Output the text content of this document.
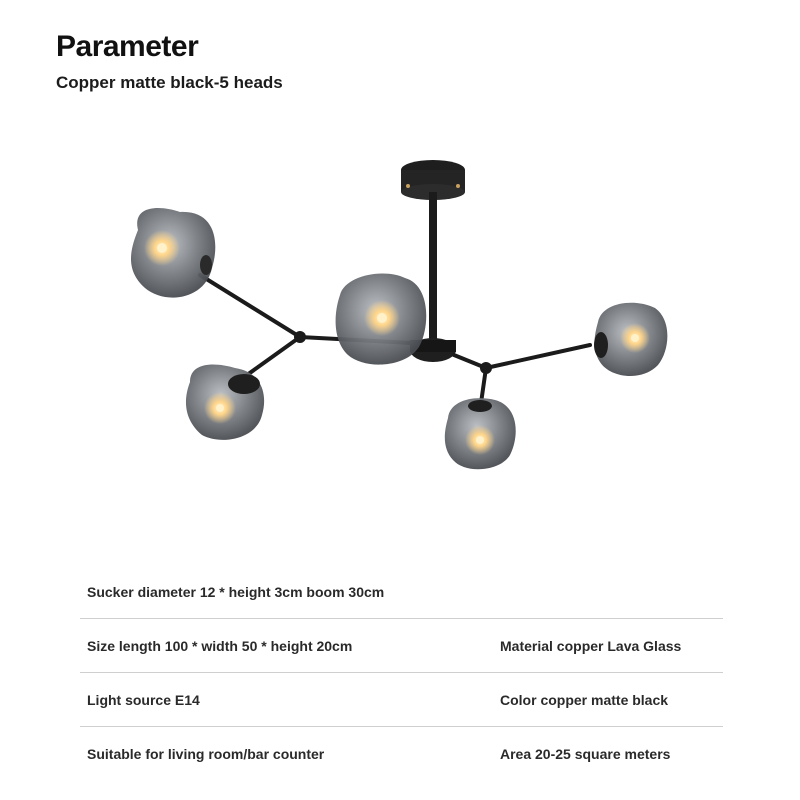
Parameter
Copper matte black-5 heads
Sucker diameter 12 * height 3cm boom 30cm
Size length 100 * width 50 * height 20cm	Material copper Lava Glass
Light source E14	Color copper matte black
Suitable for living room/bar counter	Area 20-25 square meters
